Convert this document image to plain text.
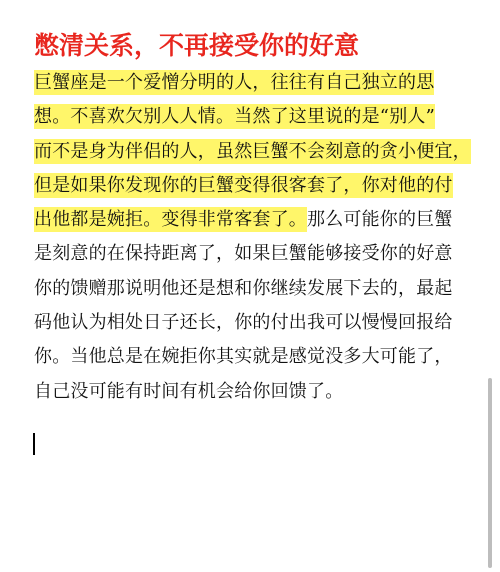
憋清关系，不再接受你的好意
巨蟹座是一个爱憎分明的人，往往有自己独立的思
想。不喜欢欠别人人情。当然了这里说的是“别人”
而不是身为伴侣的人，虽然巨蟹不会刻意的贪小便宜，
但是如果你发现你的巨蟹变得很客套了，你对他的付
出他都是婉拒。变得非常客套了。那么可能你的巨蟹
是刻意的在保持距离了，如果巨蟹能够接受你的好意
你的馈赠那说明他还是想和你继续发展下去的，最起
码他认为相处日子还长，你的付出我可以慢慢回报给
你。当他总是在婉拒你其实就是感觉没多大可能了，
自己没可能有时间有机会给你回馈了。
